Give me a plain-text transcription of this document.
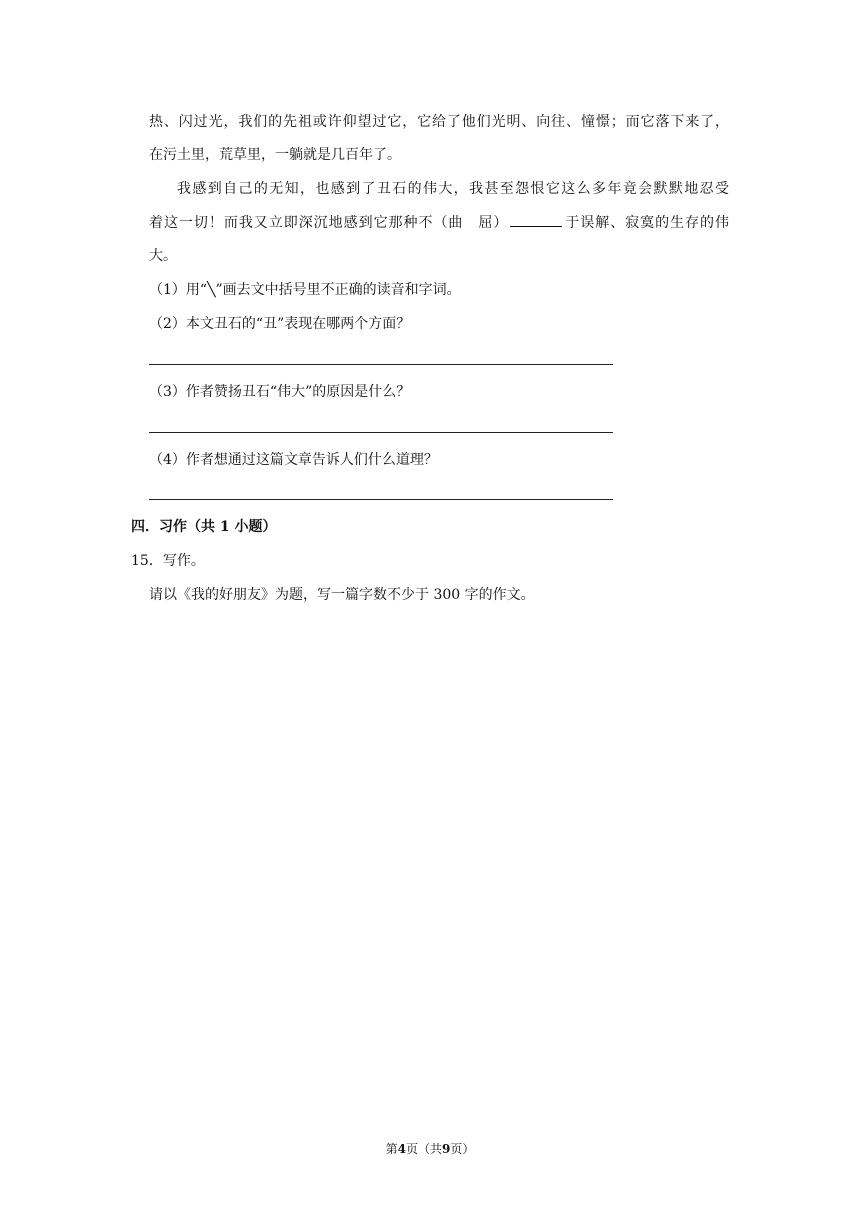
热、闪过光，我们的先祖或许仰望过它，它给了他们光明、向往、憧憬；而它落下来了，
在污土里，荒草里，一躺就是几百年了。
我感到自己的无知，也感到了丑石的伟大，我甚至怨恨它这么多年竟会默默地忍受
着这一切！而我又立即深沉地感到它那种不（曲　屈）	于误解、寂寞的生存的伟
大。
（1）用“╲”画去文中括号里不正确的读音和字词。
（2）本文丑石的“丑”表现在哪两个方面？
（3）作者赞扬丑石“伟大”的原因是什么？
（4）作者想通过这篇文章告诉人们什么道理？
四．习作（共 1 小题）
15．写作。
请以《我的好朋友》为题，写一篇字数不少于 300 字的作文。
第4页（共9页）
